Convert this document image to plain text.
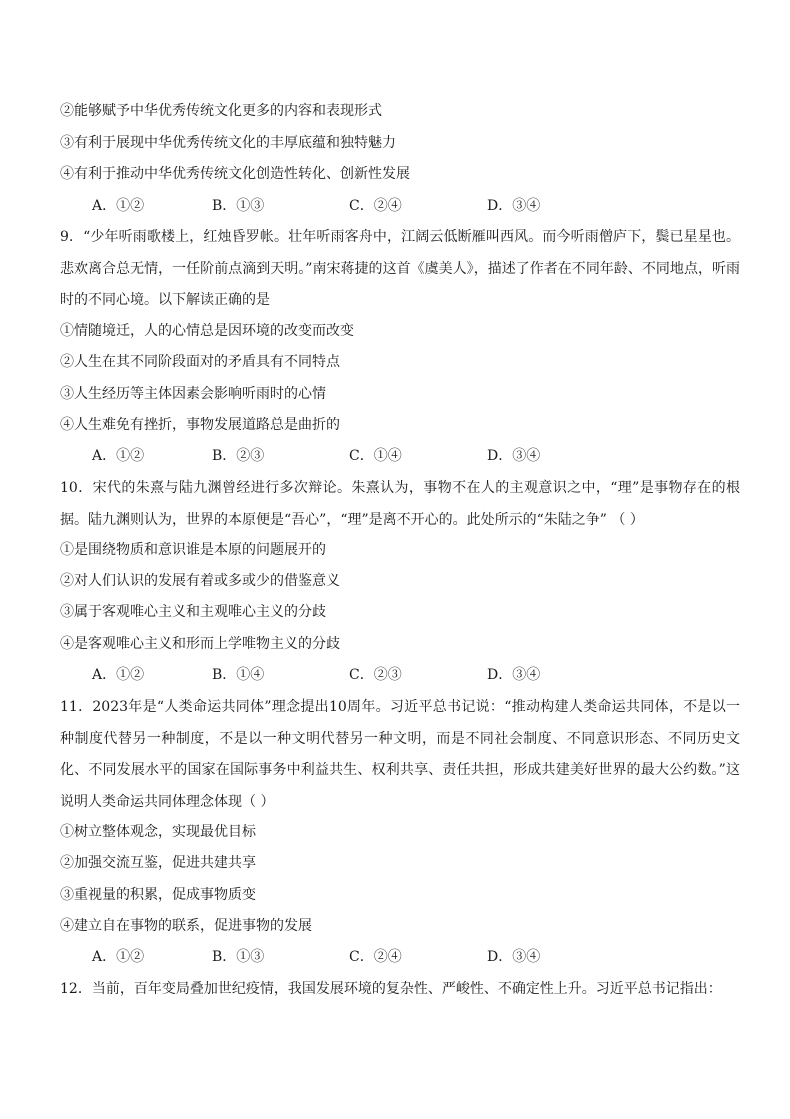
②能够赋予中华优秀传统文化更多的内容和表现形式
③有利于展现中华优秀传统文化的丰厚底蕴和独特魅力
④有利于推动中华优秀传统文化创造性转化、创新性发展
A．①②	B．①③	C．②④	D．③④
9．“少年听雨歌楼上，红烛昏罗帐。壮年听雨客舟中，江阔云低断雁叫西风。而今听雨僧庐下，鬓已星星也。悲欢离合总无情，一任阶前点滴到天明。”南宋蒋捷的这首《虞美人》，描述了作者在不同年龄、不同地点，听雨时的不同心境。以下解读正确的是
①情随境迁，人的心情总是因环境的改变而改变
②人生在其不同阶段面对的矛盾具有不同特点
③人生经历等主体因素会影响听雨时的心情
④人生难免有挫折，事物发展道路总是曲折的
A．①②	B．②③	C．①④	D．③④
10．宋代的朱熹与陆九渊曾经进行多次辩论。朱熹认为，事物不在人的主观意识之中，“理”是事物存在的根据。陆九渊则认为，世界的本原便是“吾心”，“理”是离不开心的。此处所示的“朱陆之争” （ ）
①是围绕物质和意识谁是本原的问题展开的
②对人们认识的发展有着或多或少的借鉴意义
③属于客观唯心主义和主观唯心主义的分歧
④是客观唯心主义和形而上学唯物主义的分歧
A．①②	B．①④	C．②③	D．③④
11．2023年是“人类命运共同体”理念提出10周年。习近平总书记说：“推动构建人类命运共同体，不是以一种制度代替另一种制度，不是以一种文明代替另一种文明，而是不同社会制度、不同意识形态、不同历史文化、不同发展水平的国家在国际事务中利益共生、权利共享、责任共担，形成共建美好世界的最大公约数。”这说明人类命运共同体理念体现（ ）
①树立整体观念，实现最优目标
②加强交流互鉴，促进共建共享
③重视量的积累，促成事物质变
④建立自在事物的联系，促进事物的发展
A．①②	B．①③	C．②④	D．③④
12．当前，百年变局叠加世纪疫情，我国发展环境的复杂性、严峻性、不确定性上升。习近平总书记指出：
